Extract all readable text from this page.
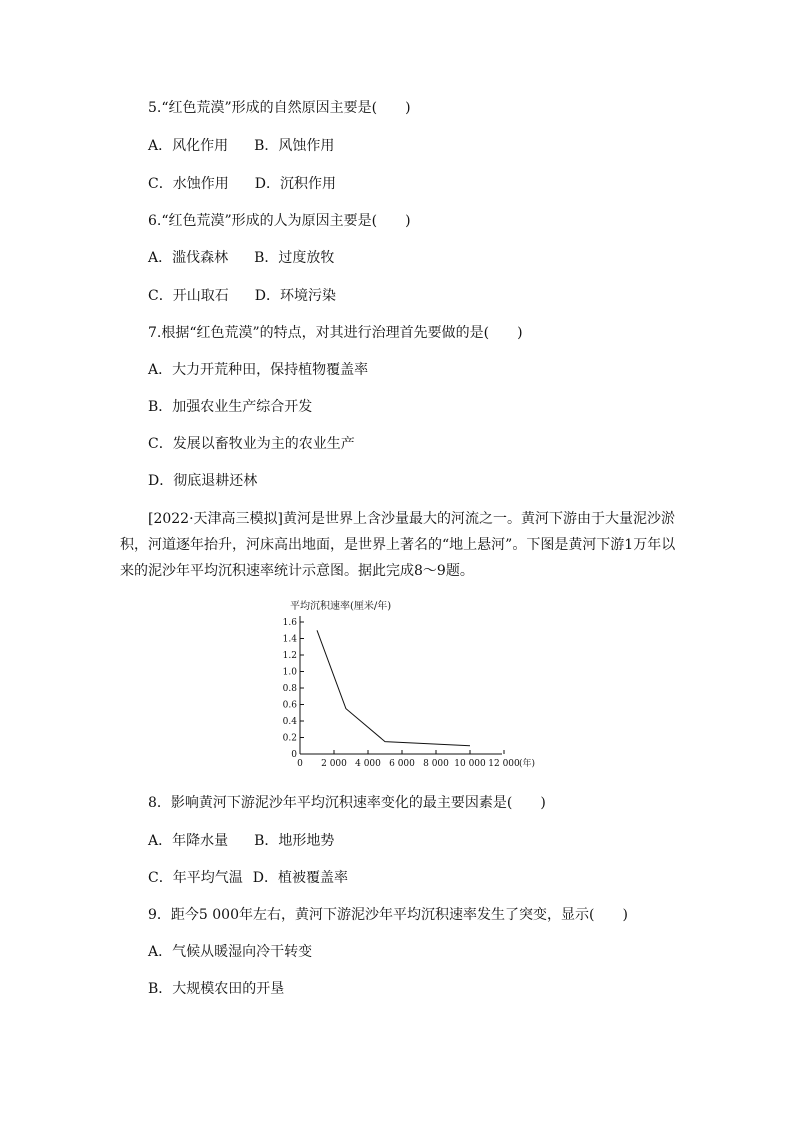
5.“红色荒漠”形成的自然原因主要是(　　)
A．风化作用 B．风蚀作用
C．水蚀作用 D．沉积作用
6.“红色荒漠”形成的人为原因主要是(　　)
A．滥伐森林 B．过度放牧
C．开山取石 D．环境污染
7.根据“红色荒漠”的特点，对其进行治理首先要做的是(　　)
A．大力开荒种田，保持植物覆盖率
B．加强农业生产综合开发
C．发展以畜牧业为主的农业生产
D．彻底退耕还林
[2022·天津高三模拟]黄河是世界上含沙量最大的河流之一。黄河下游由于大量泥沙淤积，河道逐年抬升，河床高出地面，是世界上著名的“地上悬河”。下图是黄河下游1万年以来的泥沙年平均沉积速率统计示意图。据此完成8～9题。
平均沉积速率(厘米/年)
0
0.2
0.4
0.6
0.8
1.0
1.2
1.4
1.6
0 2 000 4 000 6 000 8 000 10 000 12 000 (年)
8．影响黄河下游泥沙年平均沉积速率变化的最主要因素是(　　)
A．年降水量 B．地形地势
C．年平均气温 D．植被覆盖率
9．距今5 000年左右，黄河下游泥沙年平均沉积速率发生了突变，显示(　　)
A．气候从暖湿向冷干转变
B．大规模农田的开垦
